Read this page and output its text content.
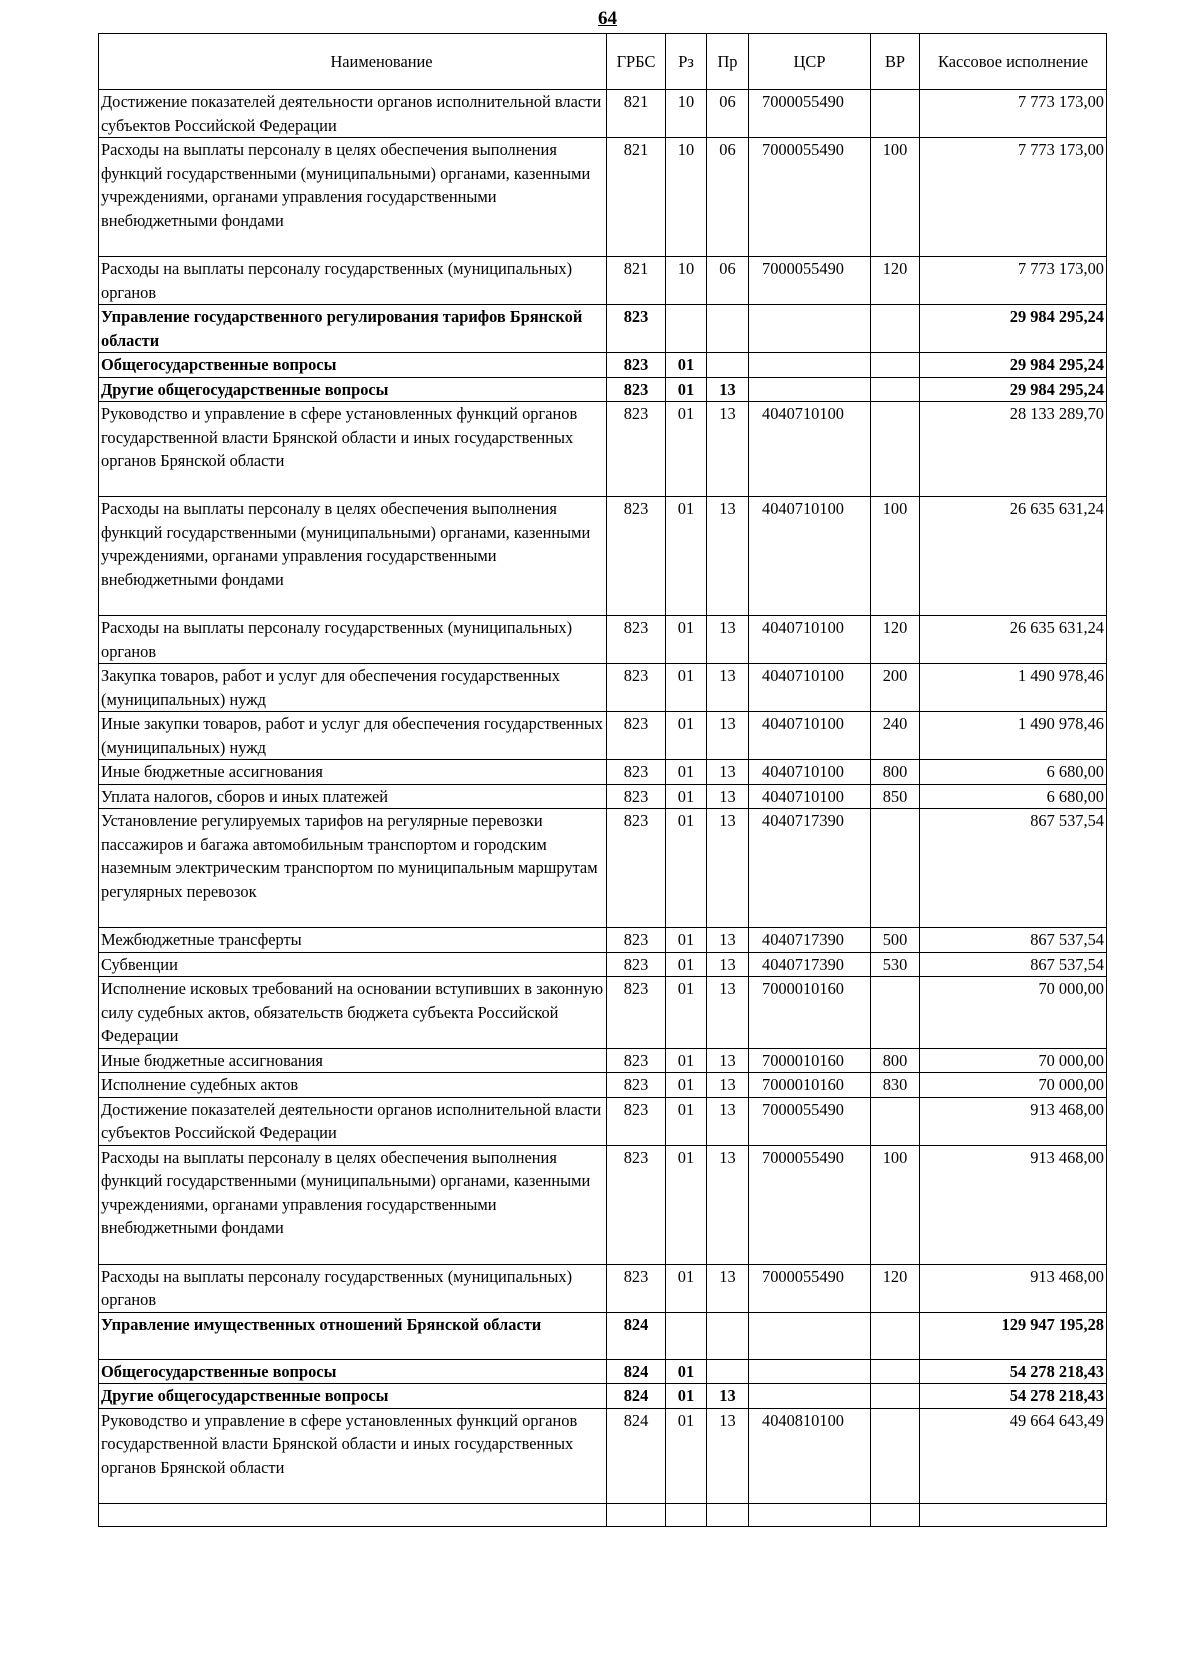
64
Наименование	ГРБС	Рз	Пр	ЦСР	ВР	Кассовое исполнение
Достижение показателей деятельности органов исполнительной власти субъектов Российской Федерации	821	10	06	7000055490		7 773 173,00
Расходы на выплаты персоналу в целях обеспечения выполнения функций государственными (муниципальными) органами, казенными учреждениями, органами управления государственными внебюджетными фондами	821	10	06	7000055490	100	7 773 173,00
Расходы на выплаты персоналу государственных (муниципальных) органов	821	10	06	7000055490	120	7 773 173,00
Управление государственного регулирования тарифов Брянской области	823					29 984 295,24
Общегосударственные вопросы	823	01				29 984 295,24
Другие общегосударственные вопросы	823	01	13			29 984 295,24
Руководство и управление в сфере установленных функций органов государственной власти Брянской области и иных государственных органов Брянской области	823	01	13	4040710100		28 133 289,70
Расходы на выплаты персоналу в целях обеспечения выполнения функций государственными (муниципальными) органами, казенными учреждениями, органами управления государственными внебюджетными фондами	823	01	13	4040710100	100	26 635 631,24
Расходы на выплаты персоналу государственных (муниципальных) органов	823	01	13	4040710100	120	26 635 631,24
Закупка товаров, работ и услуг для обеспечения государственных (муниципальных) нужд	823	01	13	4040710100	200	1 490 978,46
Иные закупки товаров, работ и услуг для обеспечения государственных (муниципальных) нужд	823	01	13	4040710100	240	1 490 978,46
Иные бюджетные ассигнования	823	01	13	4040710100	800	6 680,00
Уплата налогов, сборов и иных платежей	823	01	13	4040710100	850	6 680,00
Установление регулируемых тарифов на регулярные перевозки пассажиров и багажа автомобильным транспортом и городским наземным электрическим транспортом по муниципальным маршрутам регулярных перевозок	823	01	13	4040717390		867 537,54
Межбюджетные трансферты	823	01	13	4040717390	500	867 537,54
Субвенции	823	01	13	4040717390	530	867 537,54
Исполнение исковых требований на основании вступивших в законную силу судебных актов, обязательств бюджета субъекта Российской Федерации	823	01	13	7000010160		70 000,00
Иные бюджетные ассигнования	823	01	13	7000010160	800	70 000,00
Исполнение судебных актов	823	01	13	7000010160	830	70 000,00
Достижение показателей деятельности органов исполнительной власти субъектов Российской Федерации	823	01	13	7000055490		913 468,00
Расходы на выплаты персоналу в целях обеспечения выполнения функций государственными (муниципальными) органами, казенными учреждениями, органами управления государственными внебюджетными фондами	823	01	13	7000055490	100	913 468,00
Расходы на выплаты персоналу государственных (муниципальных) органов	823	01	13	7000055490	120	913 468,00
Управление имущественных отношений Брянской области	824					129 947 195,28
Общегосударственные вопросы	824	01				54 278 218,43
Другие общегосударственные вопросы	824	01	13			54 278 218,43
Руководство и управление в сфере установленных функций органов государственной власти Брянской области и иных государственных органов Брянской области	824	01	13	4040810100		49 664 643,49
